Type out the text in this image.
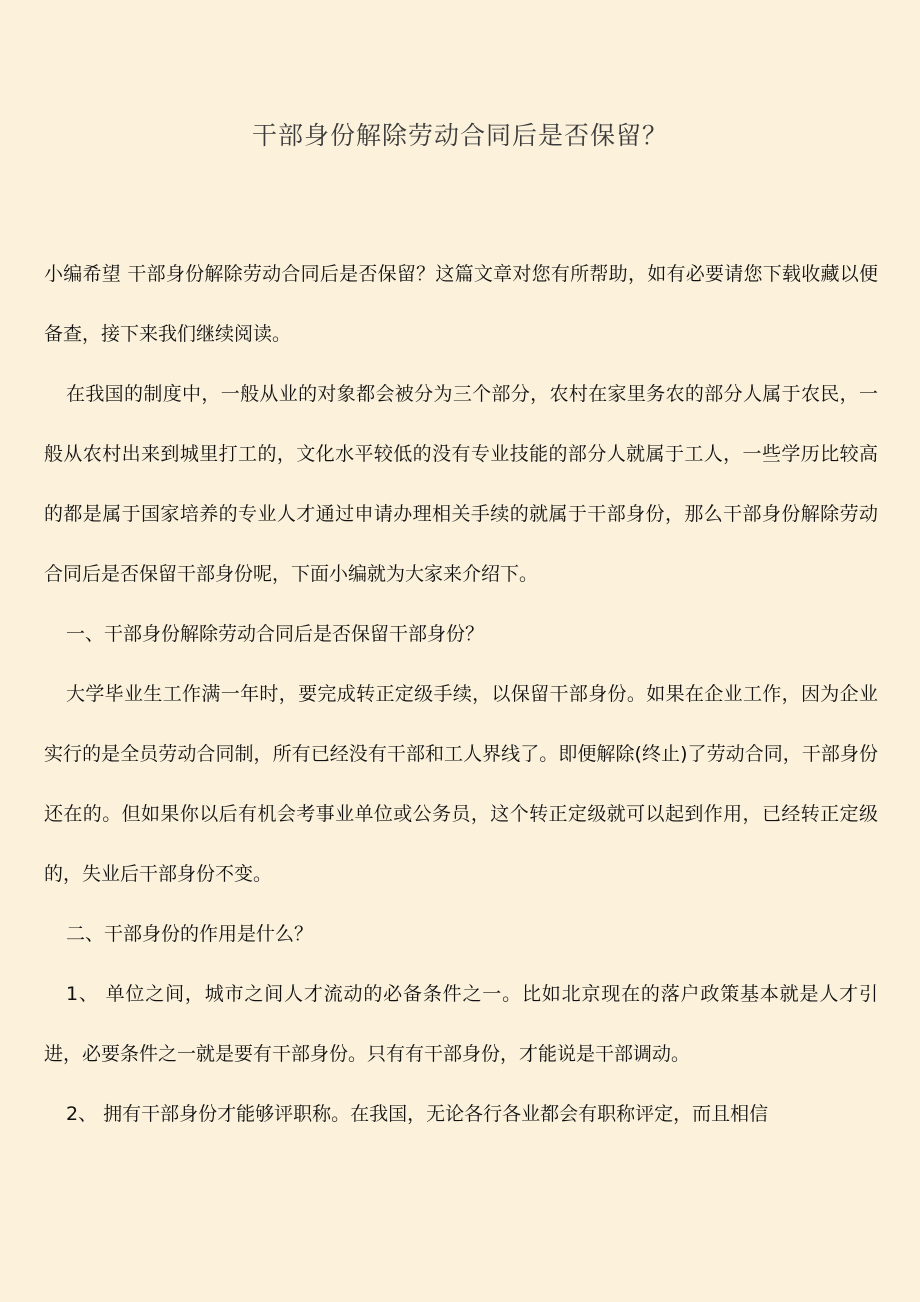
干部身份解除劳动合同后是否保留？

小编希望 干部身份解除劳动合同后是否保留？这篇文章对您有所帮助，如有必要请您下载收藏以便备查，接下来我们继续阅读。

在我国的制度中，一般从业的对象都会被分为三个部分，农村在家里务农的部分人属于农民，一般从农村出来到城里打工的，文化水平较低的没有专业技能的部分人就属于工人，一些学历比较高的都是属于国家培养的专业人才通过申请办理相关手续的就属于干部身份，那么干部身份解除劳动合同后是否保留干部身份呢，下面小编就为大家来介绍下。

一、干部身份解除劳动合同后是否保留干部身份？

大学毕业生工作满一年时，要完成转正定级手续，以保留干部身份。如果在企业工作，因为企业实行的是全员劳动合同制，所有已经没有干部和工人界线了。即便解除(终止)了劳动合同，干部身份还在的。但如果你以后有机会考事业单位或公务员，这个转正定级就可以起到作用，已经转正定级的，失业后干部身份不变。

二、干部身份的作用是什么？

1、 单位之间，城市之间人才流动的必备条件之一。比如北京现在的落户政策基本就是人才引进，必要条件之一就是要有干部身份。只有有干部身份，才能说是干部调动。

2、 拥有干部身份才能够评职称。在我国，无论各行各业都会有职称评定，而且相信
